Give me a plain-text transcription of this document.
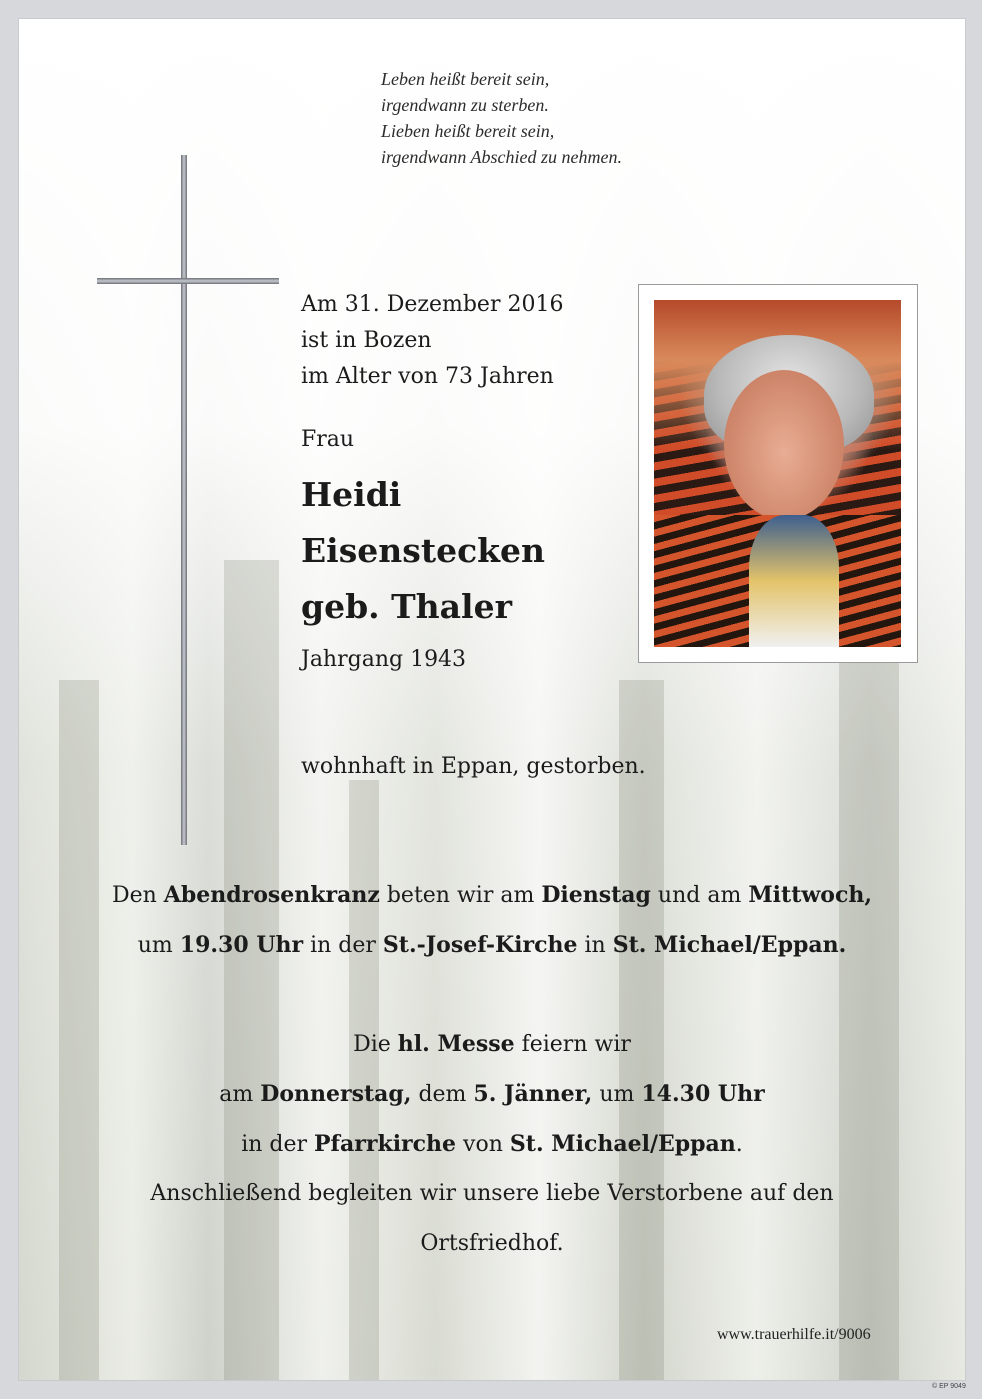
Leben heißt bereit sein,
irgendwann zu sterben.
Lieben heißt bereit sein,
irgendwann Abschied zu nehmen.
Am 31. Dezember 2016
ist in Bozen
im Alter von 73 Jahren
Frau
Heidi
Eisenstecken
geb. Thaler
Jahrgang 1943
wohnhaft in Eppan, gestorben.
Den Abendrosenkranz beten wir am Dienstag und am Mittwoch,
um 19.30 Uhr in der St.-Josef-Kirche in St. Michael/Eppan.
Die hl. Messe feiern wir
am Donnerstag, dem 5. Jänner, um 14.30 Uhr
in der Pfarrkirche von St. Michael/Eppan.
Anschließend begleiten wir unsere liebe Verstorbene auf den
Ortsfriedhof.
www.trauerhilfe.it/9006
© EP 9049
